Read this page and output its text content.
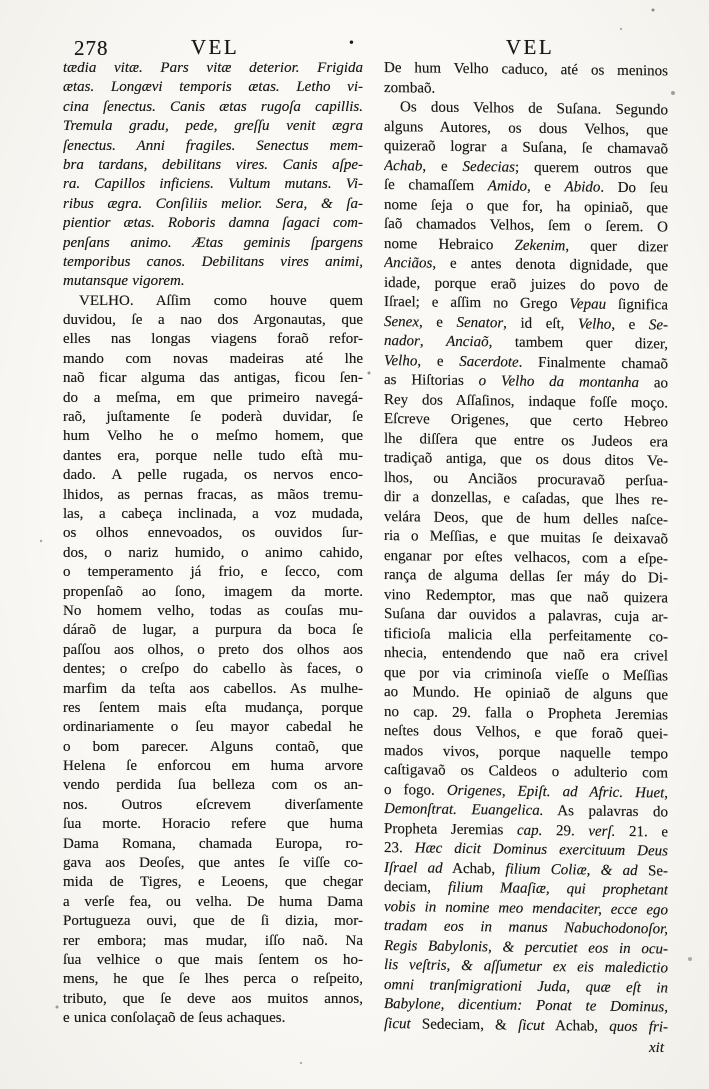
278	VEL	•	VEL
tædia vitæ. Pars vitæ deterior. Frigida
ætas. Longævi temporis ætas. Letho vi-
cina ſenectus. Canis ætas rugoſa capillis.
Tremula gradu, pede, greſſu venit ægra
ſenectus. Anni fragiles. Senectus mem-
bra tardans, debilitans vires. Canis aſpe-
ra. Capillos inficiens. Vultum mutans. Vi-
ribus ægra. Conſiliis melior. Sera, & ſa-
pientior ætas. Roboris damna ſagaci com-
penſans animo. Ætas geminis ſpargens
temporibus canos. Debilitans vires animi,
mutansque vigorem.
VELHO. Aſſim como houve quem
duvidou, ſe a nao dos Argonautas, que
elles nas longas viagens foraõ refor-
mando com novas madeiras até lhe
naõ ficar alguma das antigas, ficou ſen-
do a meſma, em que primeiro navegá-
raõ, juſtamente ſe poderà duvidar, ſe
hum Velho he o meſmo homem, que
dantes era, porque nelle tudo eſtà mu-
dado. A pelle rugada, os nervos enco-
lhidos, as pernas fracas, as mãos tremu-
las, a cabeça inclinada, a voz mudada,
os olhos ennevoados, os ouvidos ſur-
dos, o nariz humido, o animo cahido,
o temperamento já frio, e ſecco, com
propenſaõ ao ſono, imagem da morte.
No homem velho, todas as couſas mu-
dáraõ de lugar, a purpura da boca ſe
paſſou aos olhos, o preto dos olhos aos
dentes; o creſpo do cabello às faces, o
marfim da teſta aos cabellos. As mulhe-
res ſentem mais eſta mudança, porque
ordinariamente o ſeu mayor cabedal he
o bom parecer. Alguns contaõ, que
Helena ſe enforcou em huma arvore
vendo perdida ſua belleza com os an-
nos. Outros eſcrevem diverſamente
ſua morte. Horacio refere que huma
Dama Romana, chamada Europa, ro-
gava aos Deoſes, que antes ſe viſſe co-
mida de Tigres, e Leoens, que chegar
a verſe fea, ou velha. De huma Dama
Portugueza ouvi, que de ſi dizia, mor-
rer embora; mas mudar, iſſo naõ. Na
ſua velhice o que mais ſentem os ho-
mens, he que ſe lhes perca o reſpeito,
tributo, que ſe deve aos muitos annos,
e unica conſolaçaõ de ſeus achaques.
De hum Velho caduco, até os meninos
zombaõ.
Os dous Velhos de Suſana. Segundo
alguns Autores, os dous Velhos, que
quizeraõ lograr a Suſana, ſe chamavaõ
Achab, e Sedecias; querem outros que
ſe chamaſſem Amido, e Abido. Do ſeu
nome ſeja o que for, ha opiniaõ, que
ſaõ chamados Velhos, ſem o ſerem. O
nome Hebraico Zekenim, quer dizer
Anciãos, e antes denota dignidade, que
idade, porque eraõ juizes do povo de
Iſrael; e aſſim no Grego Vepau ſignifica
Senex, e Senator, id eſt, Velho, e Se-
nador, Anciaõ, tambem quer dizer,
Velho, e Sacerdote. Finalmente chamaõ
as Hiſtorias o Velho da montanha ao
Rey dos Aſſaſinos, indaque foſſe moço.
Eſcreve Origenes, que certo Hebreo
lhe diſſera que entre os Judeos era
tradiçaõ antiga, que os dous ditos Ve-
lhos, ou Anciãos procuravaõ perſua-
dir a donzellas, e caſadas, que lhes re-
velára Deos, que de hum delles naſce-
ria o Meſſias, e que muitas ſe deixavaõ
enganar por eſtes velhacos, com a eſpe-
rança de alguma dellas ſer máy do Di-
vino Redemptor, mas que naõ quizera
Suſana dar ouvidos a palavras, cuja ar-
tificioſa malicia ella perfeitamente co-
nhecia, entendendo que naõ era crivel
que por via criminoſa vieſſe o Meſſias
ao Mundo. He opiniaõ de alguns que
no cap. 29. falla o Propheta Jeremias
neſtes dous Velhos, e que foraõ quei-
mados vivos, porque naquelle tempo
caſtigavaõ os Caldeos o adulterio com
o fogo. Origenes, Epiſt. ad Afric. Huet,
Demonſtrat. Euangelica. As palavras do
Propheta Jeremias cap. 29. verſ. 21. e
23. Hæc dicit Dominus exercituum Deus
Iſrael ad Achab, filium Coliæ, & ad Se-
deciam, filium Maaſiæ, qui prophetant
vobis in nomine meo mendaciter, ecce ego
tradam eos in manus Nabuchodonoſor,
Regis Babylonis, & percutiet eos in ocu-
lis veſtris, & aſſumetur ex eis maledictio
omni tranſmigrationi Juda, quæ eſt in
Babylone, dicentium: Ponat te Dominus,
ſicut Sedeciam, & ſicut Achab, quos fri-
xit
